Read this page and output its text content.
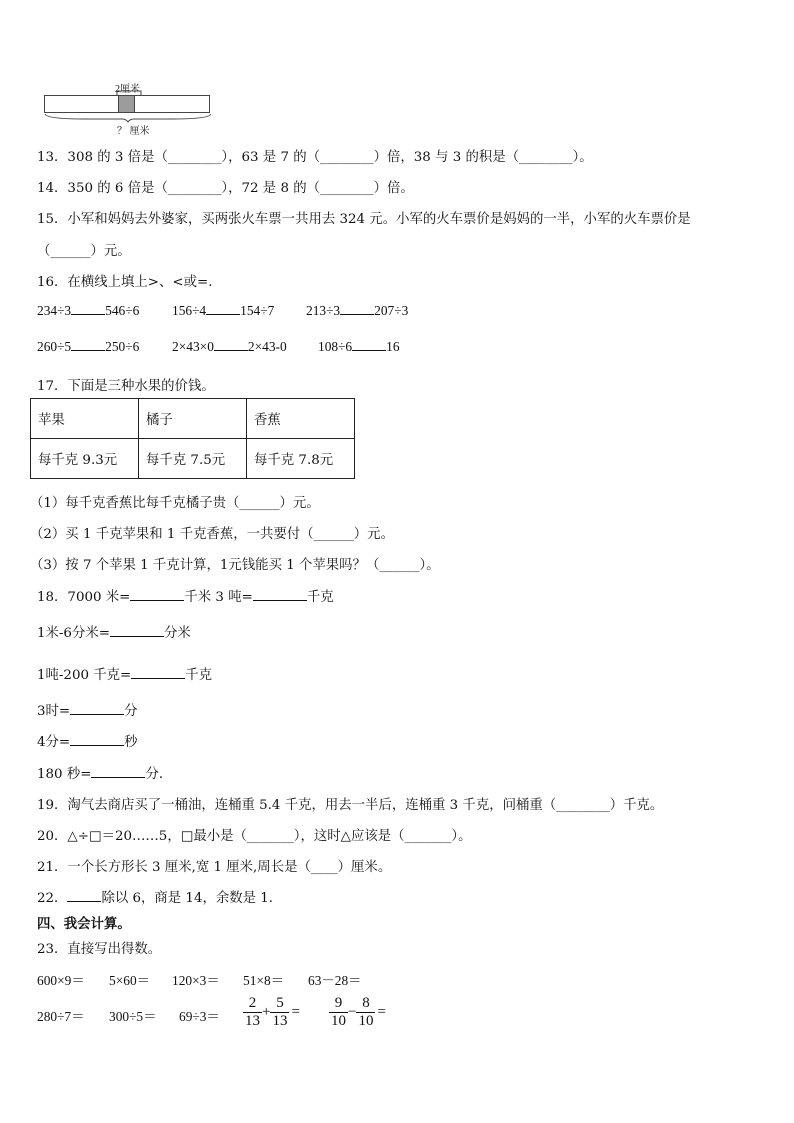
2厘米
？ 厘米
13．308 的 3 倍是（________），63 是 7 的（________）倍，38 与 3 的积是（________）。
14．350 的 6 倍是（________），72 是 8 的（________）倍。
15．小军和妈妈去外婆家，买两张火车票一共用去 324 元。小军的火车票价是妈妈的一半，小军的火车票价是
（______）元。
16．在横线上填上>、<或=．
234÷3	546÷6 156÷4	154÷7 213÷3	207÷3
260÷5	250÷6 2×43×0	2×43-0 108÷6	16
17．下面是三种水果的价钱。
苹果	橘子	香蕉
每千克 9.3元	每千克 7.5元	每千克 7.8元
（1）每千克香蕉比每千克橘子贵（______）元。
（2）买 1 千克苹果和 1 千克香蕉，一共要付（______）元。
（3）按 7 个苹果 1 千克计算，1元钱能买 1 个苹果吗？（______）。
18．7000 米=	千米 3 吨=	千克
1米-6分米=	分米
1吨-200 千克=	千克
3时=	分
4分=	秒
180 秒=	分．
19．淘气去商店买了一桶油，连桶重 5.4 千克，用去一半后，连桶重 3 千克，问桶重（________）千克。
20．△÷□＝20……5，□最小是（_______），这时△应该是（_______）。
21．一个长方形长 3 厘米,宽 1 厘米,周长是（____）厘米。
22．	除以 6，商是 14，余数是 1．
四、我会计算。
23．直接写出得数。
600×9＝ 5×60＝ 120×3＝ 51×8＝ 63－28＝
$280\div 7= 300\div 5= 69\div 3= \frac{2}{13} + \frac{5}{13} = \frac{9}{10} - \frac{8}{10}$ =
